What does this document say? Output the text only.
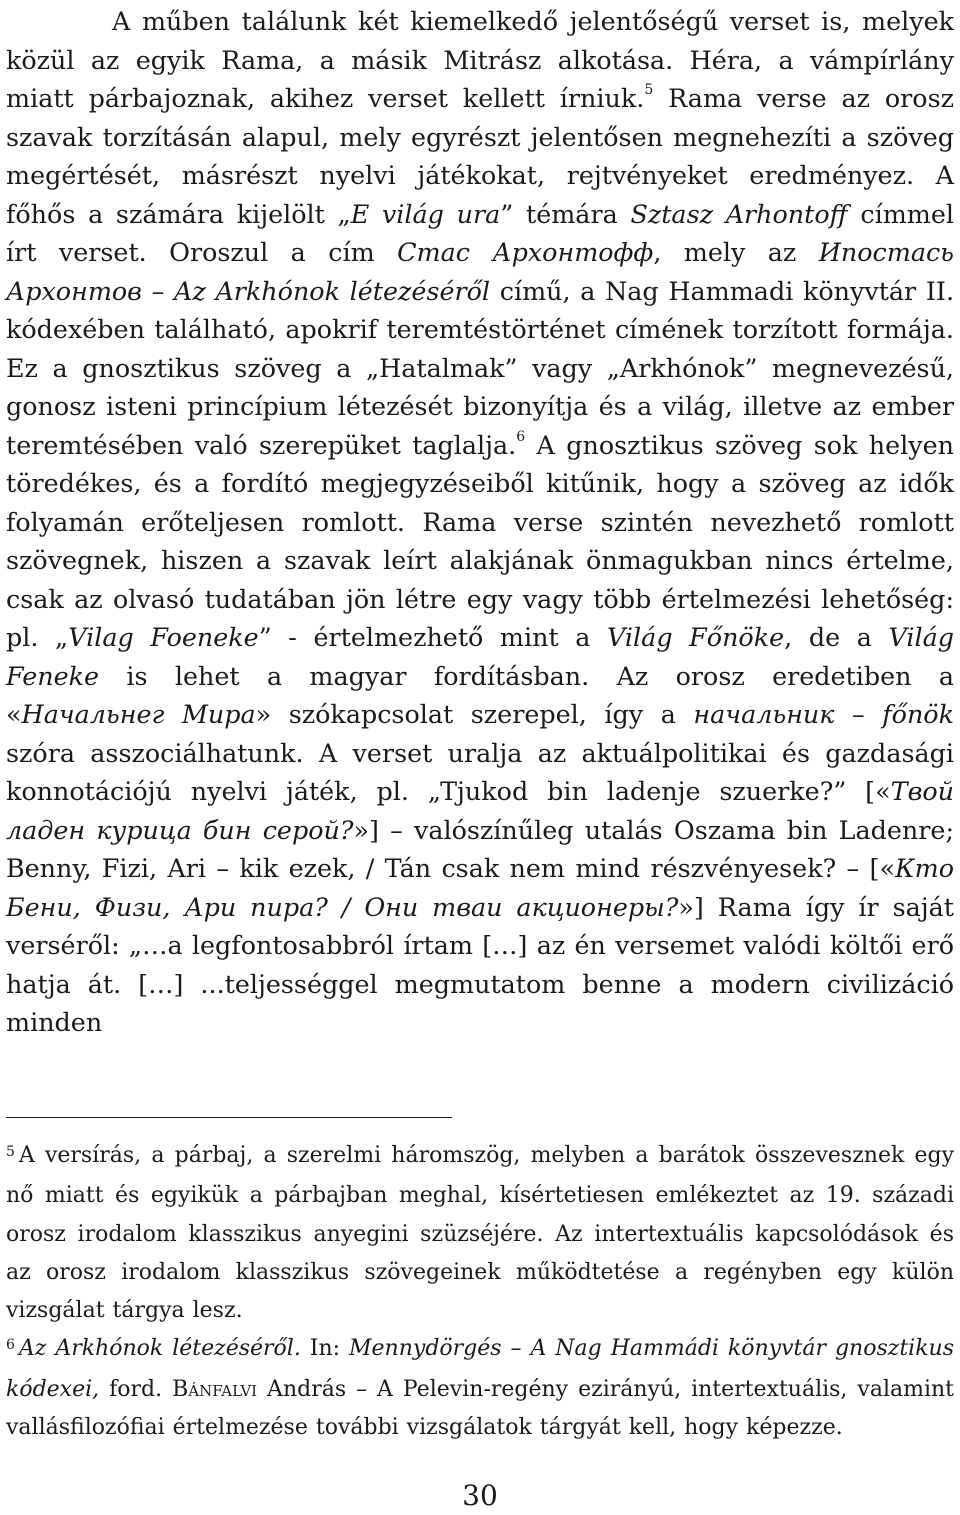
A műben találunk két kiemelkedő jelentőségű verset is, melyek közül az egyik Rama, a másik Mitrász alkotása. Héra, a vámpírlány miatt párbajoznak, akihez verset kellett írniuk.$^5$ Rama verse az orosz szavak torzításán alapul, mely egyrészt jelentősen megnehezíti a szöveg megértését, másrészt nyelvi játékokat, rejtvényeket eredményez. A főhős a számára kijelölt „E világ ura” témára Sztasz Arhontoff címmel írt verset. Oroszul a cím Стас Архонтофф, mely az Ипостась Архонтов – Az Arkhónok létezéséről című, a Nag Hammadi könyvtár II. kódexében található, apokrif teremtéstörténet címének torzított formája. Ez a gnosztikus szöveg a „Hatalmak” vagy „Arkhónok” megnevezésű, gonosz isteni princípium létezését bizonyítja és a világ, illetve az ember teremtésében való szerepüket taglalja.$^6$ A gnosztikus szöveg sok helyen töredékes, és a fordító megjegyzéseiből kitűnik, hogy a szöveg az idők folyamán erőteljesen romlott. Rama verse szintén nevezhető romlott szövegnek, hiszen a szavak leírt alakjának önmagukban nincs értelme, csak az olvasó tudatában jön létre egy vagy több értelmezési lehetőség: pl. „Vilag Foeneke” - értelmezhető mint a Világ Főnöke, de a Világ Feneke is lehet a magyar fordításban. Az orosz eredetiben a «Начальнег Мира» szókapcsolat szerepel, így a начальник – főnök szóra asszociálhatunk. A verset uralja az aktuálpolitikai és gazdasági konnotációjú nyelvi játék, pl. „Tjukod bin ladenje szuerke?” [«Твой ладен курица бин серой?»] – valószínűleg utalás Oszama bin Ladenre; Benny, Fizi, Ari – kik ezek, / Tán csak nem mind részvényesek? – [«Кто Бени, Физи, Ари пира? / Они тваи акционеры?»] Rama így ír saját verséről: „…a legfontosabbról írtam […] az én versemet valódi költői erő hatja át. […] ...teljességgel megmutatom benne a modern civilizáció minden

$^5$ A versírás, a párbaj, a szerelmi háromszög, melyben a barátok összevesznek egy nő miatt és egyikük a párbajban meghal, kísértetiesen emlékeztet az 19. századi orosz irodalom klasszikus anyegini szüzséjére. Az intertextuális kapcsolódások és az orosz irodalom klasszikus szövegeinek működtetése a regényben egy külön vizsgálat tárgya lesz.

$^6$ Az Arkhónok létezéséről. In: Mennydörgés – A Nag Hammádi könyvtár gnosztikus kódexei, ford. Bánfalvi András – A Pelevin-regény ezirányú, intertextuális, valamint vallásfilozófiai értelmezése további vizsgálatok tárgyát kell, hogy képezze.

30
